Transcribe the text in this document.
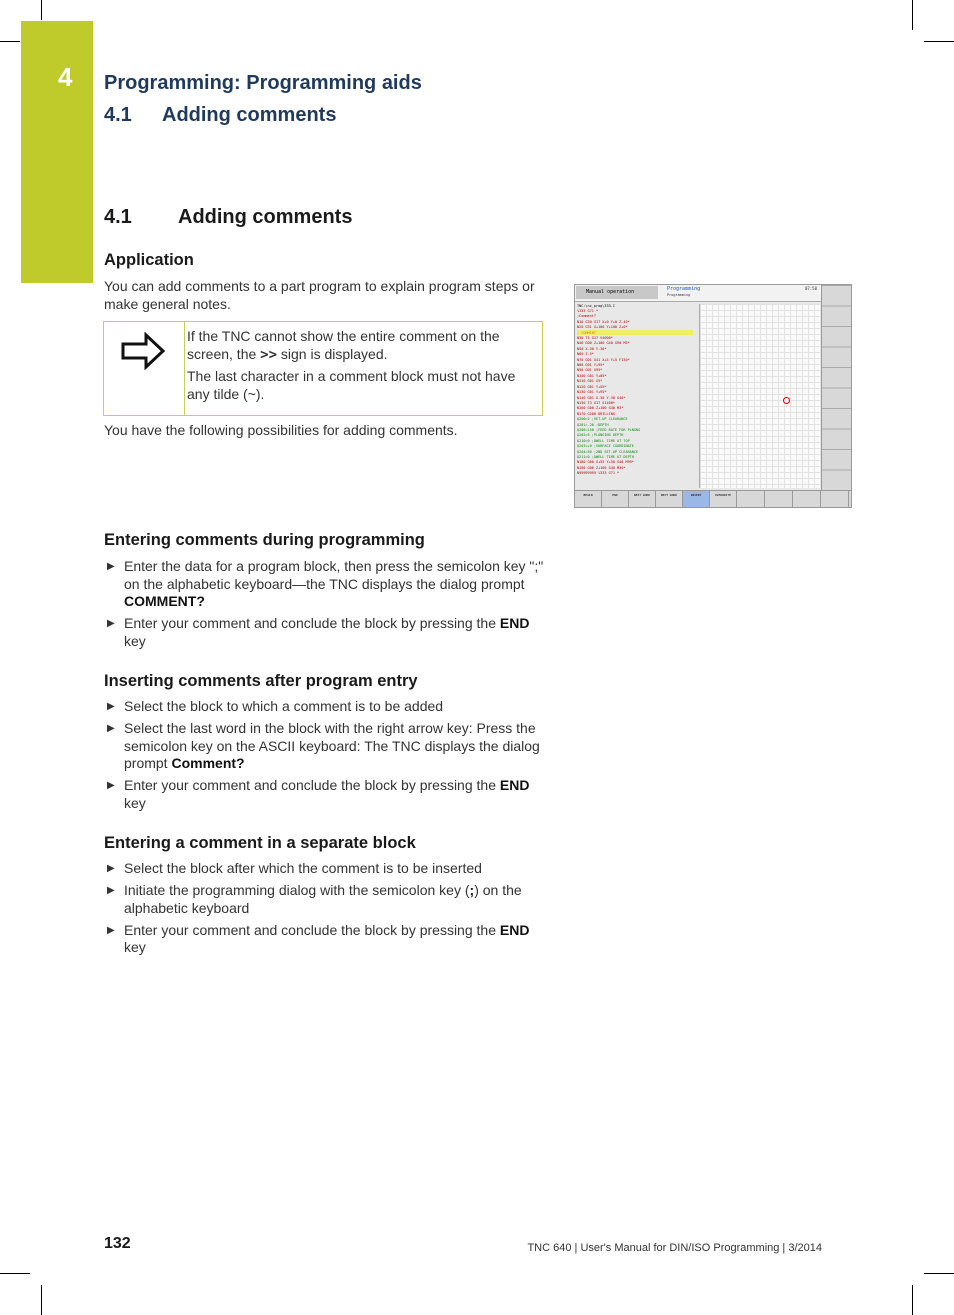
4 Programming: Programming aids
4.1 Adding comments
4.1 Adding comments
Application
You can add comments to a part program to explain program steps or make general notes.
If the TNC cannot show the entire comment on the screen, the >> sign is displayed.
The last character in a comment block must not have any tilde (~).
You have the following possibilities for adding comments.
Manual operation	Programming
Programming
07:50
TNC:\nc_prog\333.I
%333 G71 *
;Comment?
N10 G30 G17 X+0 Y+0 Z-40*
N20 G31 X+100 Y+100 Z+0*
N30 T5 G17 S4000*
N40 G00 Z+100 G40 G90 M3*
N50 X-30 Y-30*
N60 Z-5*
N70 G01 G41 X+5 Y+5 F150*
N80 G01 Y+95*
N90 G01 X95*
N100 G01 Y+05*
N110 G01 X5*
N120 G01 Y+55*
N130 G01 Y+95*
N140 G01 X-30 Y-30 G40*
N150 T3 G17 S1400*
N160 G00 Z+100 G40 M3*
N170 G200 DRILLING
Q200=2 ;SET-UP CLEARANCE
Q201=-20 ;DEPTH
Q206=150 ;FEED RATE FOR PLNGNG
Q202=5 ;PLUNGING DEPTH
Q210=0 ;DWELL TIME AT TOP
Q203=+0 ;SURFACE COORDINATE
Q204=50 ;2ND SET-UP CLEARANCE
Q211=0 ;DWELL TIME AT DEPTH
N180 G00 X+55 Y+50 G40 M99*
N190 G00 Z+100 G40 M30*
N99999999 %333 G71 *
BEGIN	END	NEXT WORD	NEXT WORD	INSERT	OVERWRITE
Entering comments during programming
▶ Enter the data for a program block, then press the semicolon key ";" on the alphabetic keyboard—the TNC displays the dialog prompt COMMENT?
▶ Enter your comment and conclude the block by pressing the END key
Inserting comments after program entry
▶ Select the block to which a comment is to be added
▶ Select the last word in the block with the right arrow key: Press the semicolon key on the ASCII keyboard: The TNC displays the dialog prompt Comment?
▶ Enter your comment and conclude the block by pressing the END key
Entering a comment in a separate block
▶ Select the block after which the comment is to be inserted
▶ Initiate the programming dialog with the semicolon key (;) on the alphabetic keyboard
▶ Enter your comment and conclude the block by pressing the END key
132	TNC 640 | User's Manual for DIN/ISO Programming | 3/2014
